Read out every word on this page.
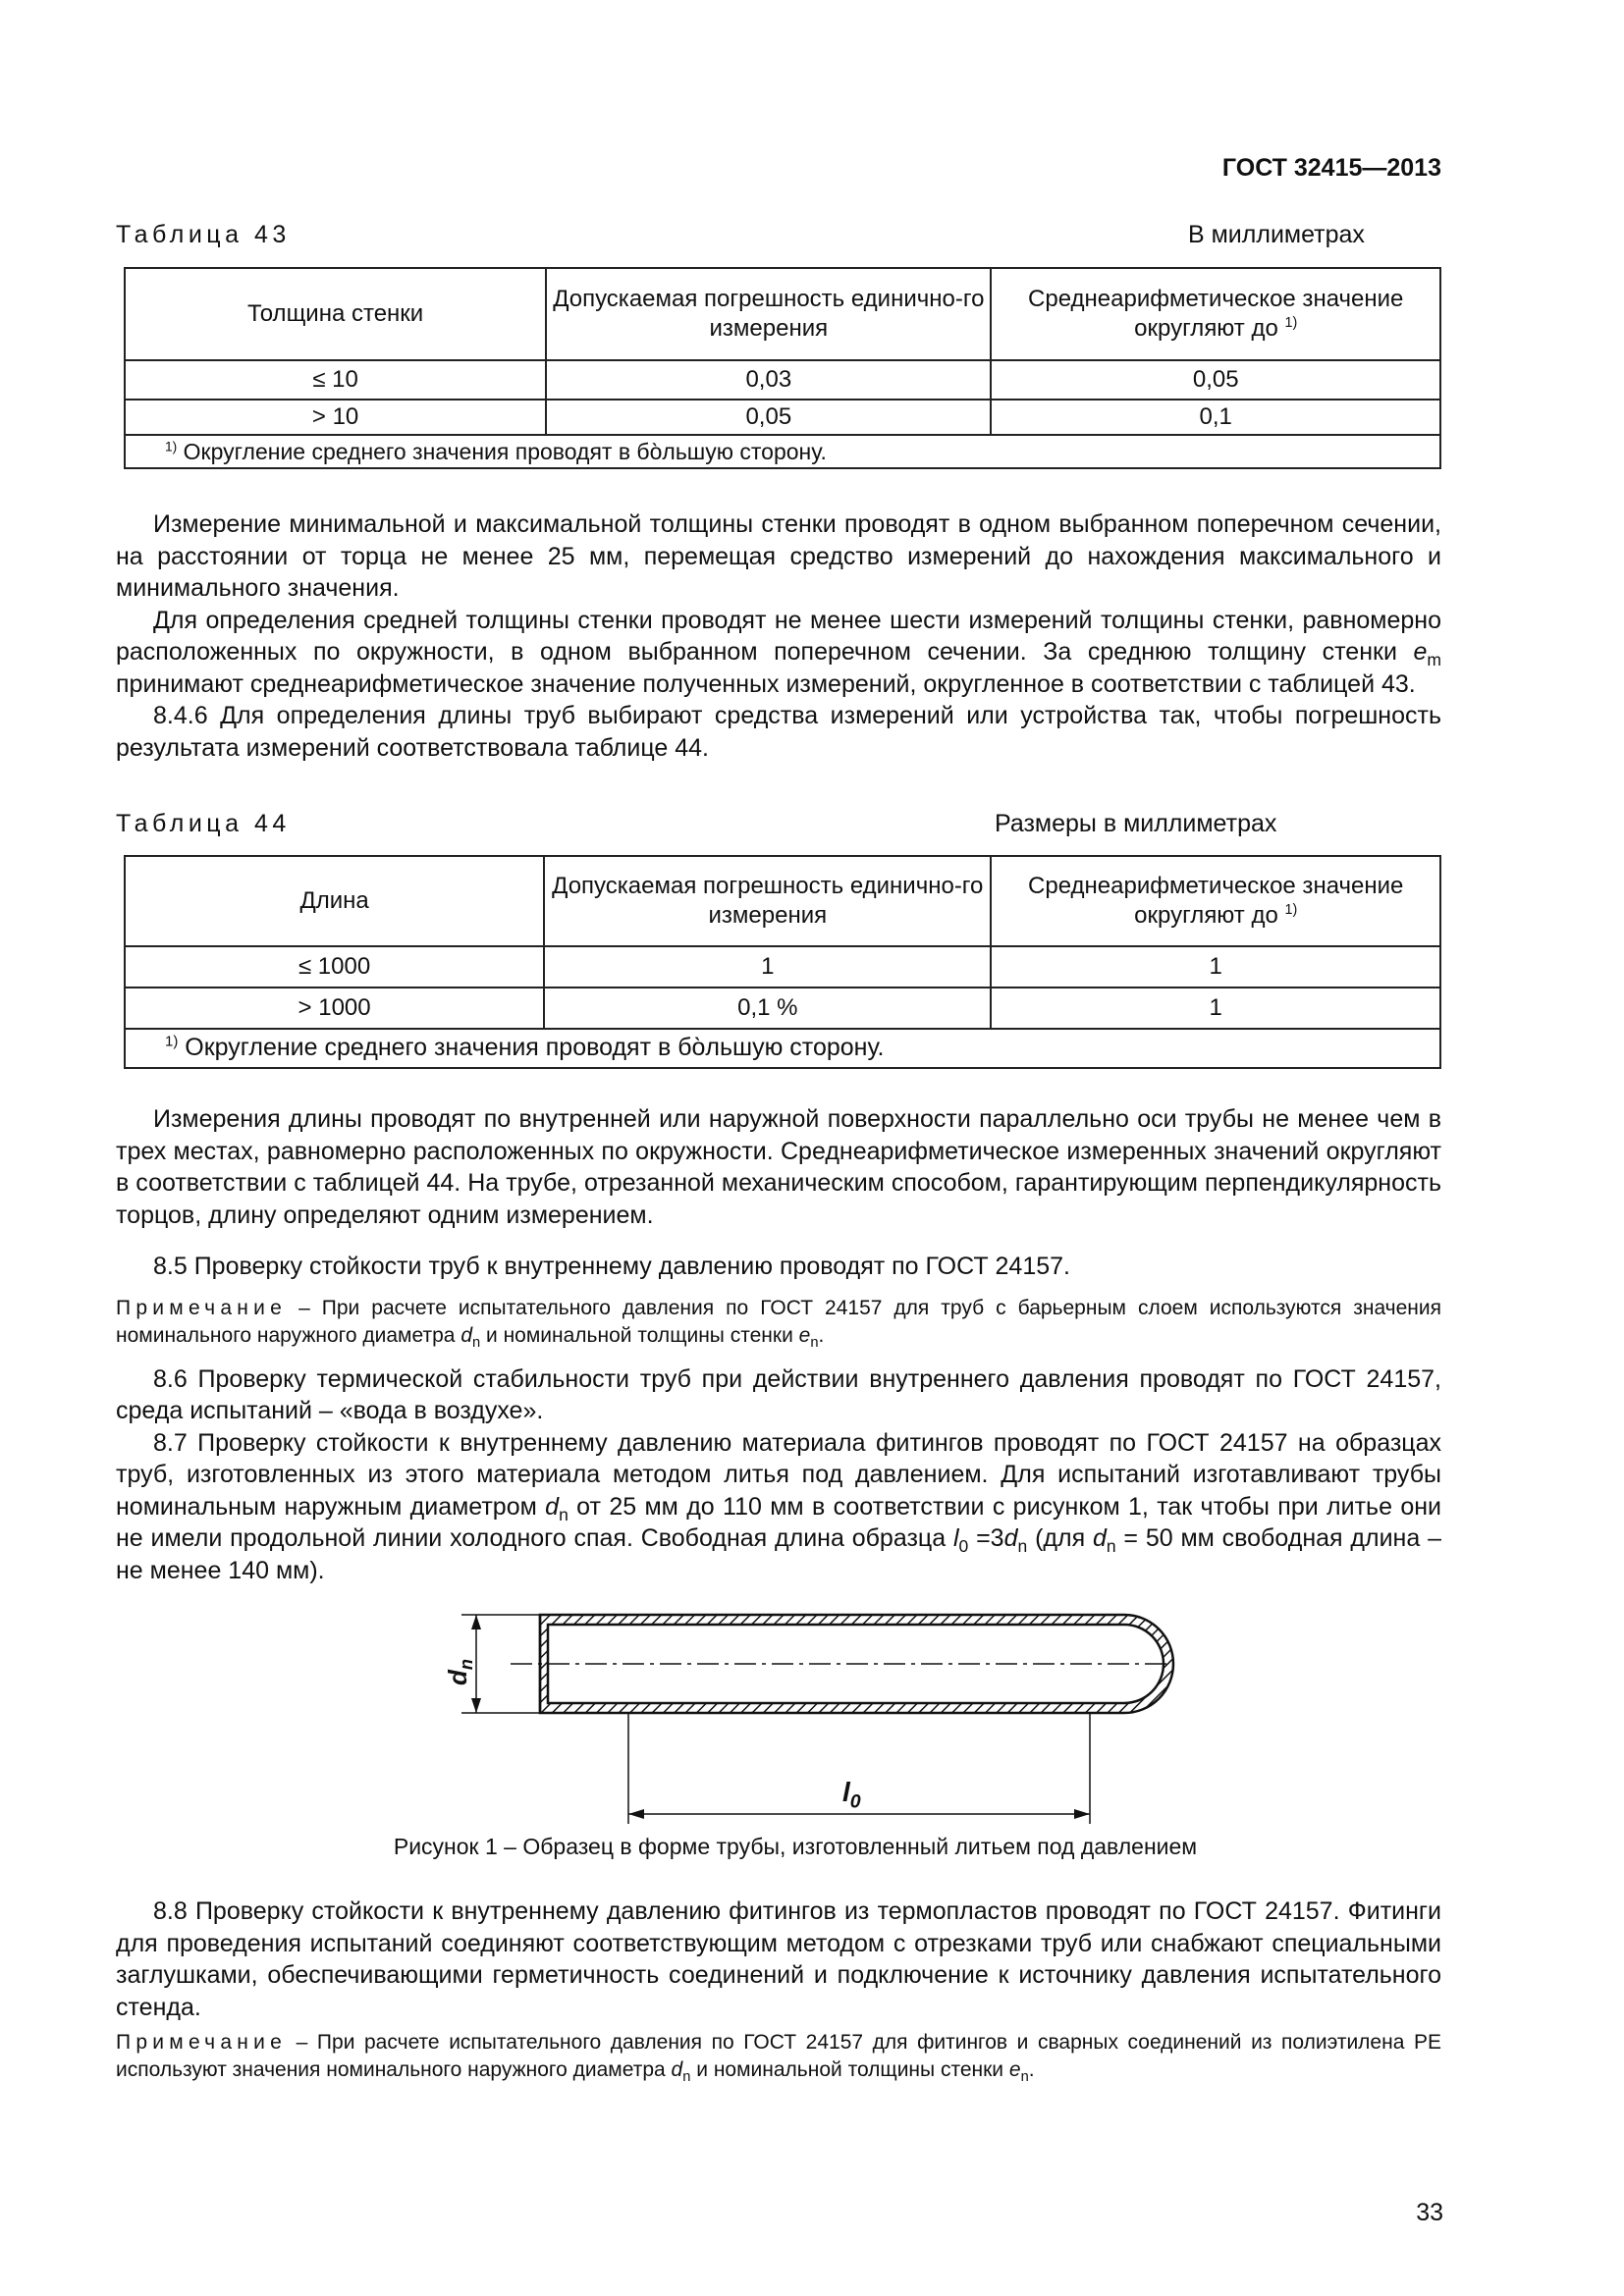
ГОСТ 32415—2013
Таблица 43	В миллиметрах
Толщина стенки	Допускаемая погрешность единично-го измерения	Среднеарифметическое значение округляют до $^{1)}$
≤ 10	0,03	0,05
> 10	0,05	0,1
$^{1)}$ Округление среднего значения проводят в бо̀льшую сторону.		

Измерение минимальной и максимальной толщины стенки проводят в одном выбранном поперечном сечении, на расстоянии от торца не менее 25 мм, перемещая средство измерений до нахождения максимального и минимального значения.

Для определения средней толщины стенки проводят не менее шести измерений толщины стенки, равномерно расположенных по окружности, в одном выбранном поперечном сечении. За среднюю толщину стенки $e_m$ принимают среднеарифметическое значение полученных измерений, округленное в соответствии с таблицей 43.

8.4.6 Для определения длины труб выбирают средства измерений или устройства так, чтобы погрешность результата измерений соответствовала таблице 44.

Таблица 44	Размеры в миллиметрах
Длина	Допускаемая погрешность единично-го измерения	Среднеарифметическое значение округляют до $^{1)}$
≤ 1000	1	1
> 1000	0,1 %	1
$^{1)}$ Округление среднего значения проводят в бо̀льшую сторону.		

Измерения длины проводят по внутренней или наружной поверхности параллельно оси трубы не менее чем в трех местах, равномерно расположенных по окружности. Среднеарифметическое измеренных значений округляют в соответствии с таблицей 44. На трубе, отрезанной механическим способом, гарантирующим перпендикулярность торцов, длину определяют одним измерением.

8.5 Проверку стойкости труб к внутреннему давлению проводят по ГОСТ 24157.

Примечание – При расчете испытательного давления по ГОСТ 24157 для труб с барьерным слоем используются значения номинального наружного диаметра $d_n$ и номинальной толщины стенки $e_n$.

8.6 Проверку термической стабильности труб при действии внутреннего давления проводят по ГОСТ 24157, среда испытаний – «вода в воздухе».

8.7 Проверку стойкости к внутреннему давлению материала фитингов проводят по ГОСТ 24157 на образцах труб, изготовленных из этого материала методом литья под давлением. Для испытаний изготавливают трубы номинальным наружным диаметром $d_n$ от 25 мм до 110 мм в соответствии с рисунком 1, так чтобы при литье они не имели продольной линии холодного спая. Свободная длина образца $l_0 =3d_n$ (для $d_n = 50$ мм свободная длина – не менее 140 мм).

$d_n$
$l_0$
Рисунок 1 – Образец в форме трубы, изготовленный литьем под давлением

8.8 Проверку стойкости к внутреннему давлению фитингов из термопластов проводят по ГОСТ 24157. Фитинги для проведения испытаний соединяют соответствующим методом с отрезками труб или снабжают специальными заглушками, обеспечивающими герметичность соединений и подключение к источнику давления испытательного стенда.

Примечание – При расчете испытательного давления по ГОСТ 24157 для фитингов и сварных соединений из полиэтилена PE используют значения номинального наружного диаметра $d_n$ и номинальной толщины стенки $e_n$.

33
